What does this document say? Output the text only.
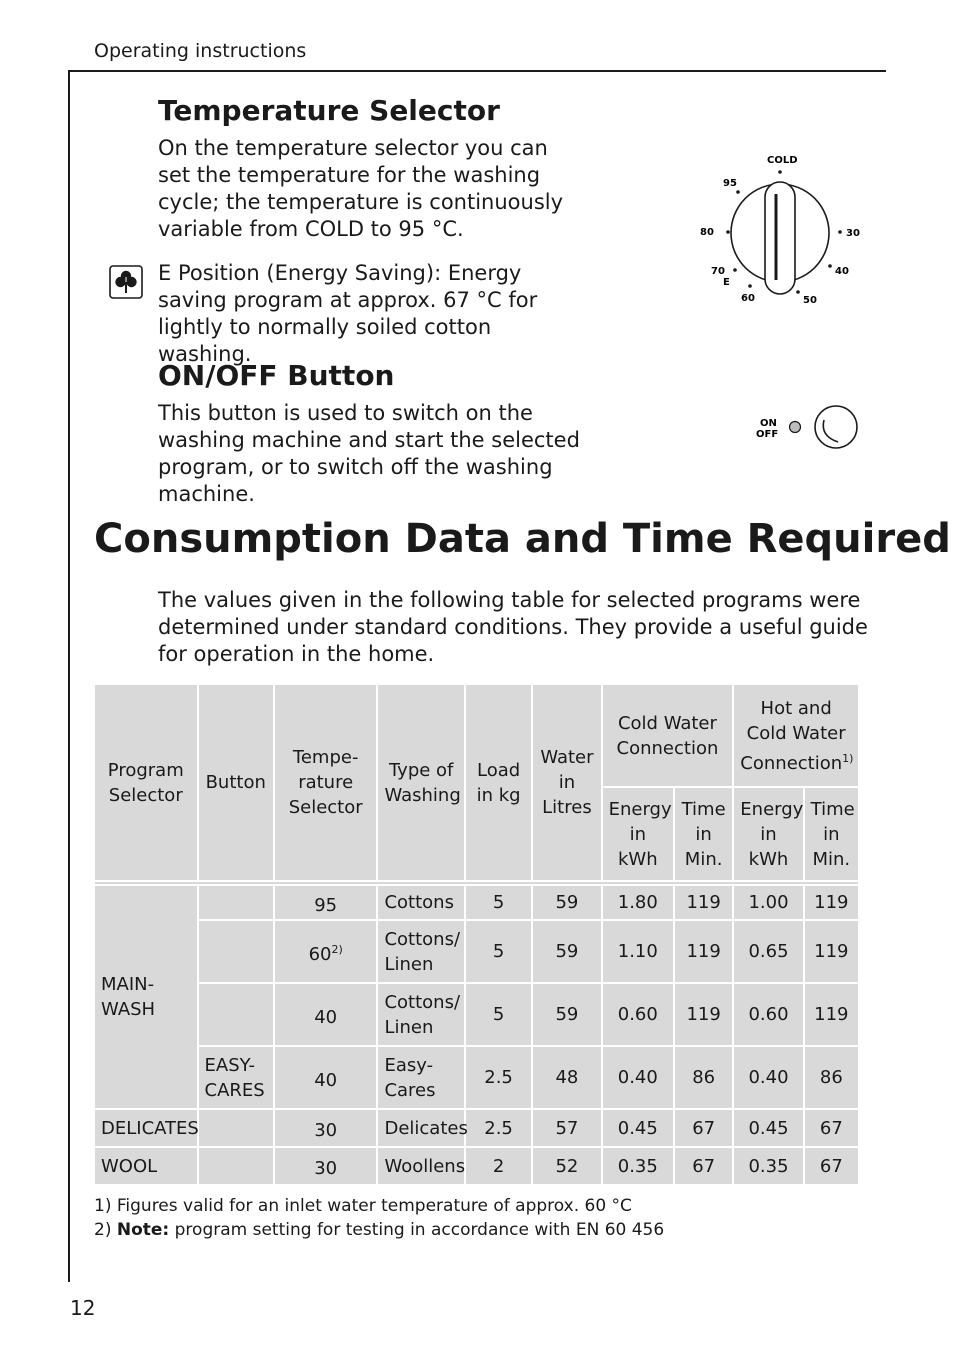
Operating instructions
Temperature Selector
On the temperature selector you can set the temperature for the washing cycle; the temperature is continuously variable from COLD to 95 °C.
E Position (Energy Saving): Energy saving program at approx. 67 °C for lightly to normally soiled cotton washing.
COLD
95
80
70
E
60	50
40
30
ON/OFF Button
This button is used to switch on the washing machine and start the selected program, or to switch off the washing machine.
ON
OFF
Consumption Data and Time Required
The values given in the following table for selected programs were determined under standard conditions. They provide a useful guide for operation in the home.
Program Selector	Button	Tempe- rature Selector	Type of Washing	Load in kg	Water in Litres	Cold Water Connection		Hot and Cold Water Connection$^{1)}$
						Energy in kWh	Time in Min.	Energy in kWh	Time in Min.

MAIN- WASH		95	Cottons	5	59	1.80	119	1.00	119
		60$^{2)}$	Cottons/ Linen	5	59	1.10	119	0.65	119
		40	Cottons/ Linen	5	59	0.60	119	0.60	119
	EASY- CARES	40	Easy- Cares	2.5	48	0.40	86	0.40	86
DELICATES		30	Delicates	2.5	57	0.45	67	0.45	67
WOOL		30	Woollens	2	52	0.35	67	0.35	67
1) Figures valid for an inlet water temperature of approx. 60 °C
2) Note: program setting for testing in accordance with EN 60 456
12
